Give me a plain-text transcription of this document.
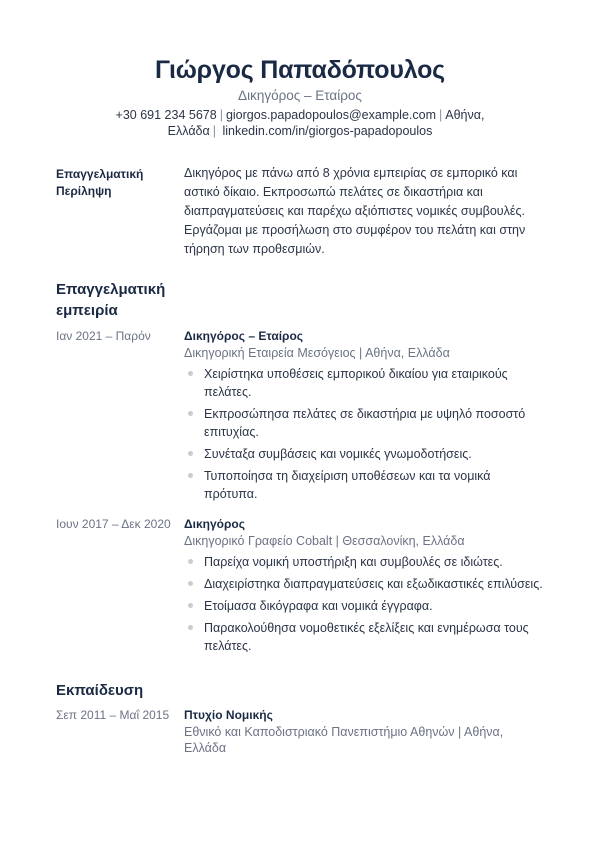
Γιώργος Παπαδόπουλος
Δικηγόρος – Εταίρος
+30 691 234 5678 | giorgos.papadopoulos@example.com | Αθήνα, Ελλάδα | linkedin.com/in/giorgos-papadopoulos
Επαγγελματική Περίληψη
Δικηγόρος με πάνω από 8 χρόνια εμπειρίας σε εμπορικό και αστικό δίκαιο. Εκπροσωπώ πελάτες σε δικαστήρια και διαπραγματεύσεις και παρέχω αξιόπιστες νομικές συμβουλές. Εργάζομαι με προσήλωση στο συμφέρον του πελάτη και στην τήρηση των προθεσμιών.
Επαγγελματική εμπειρία
Ιαν 2021 – Παρόν	Δικηγόρος – Εταίρος
Δικηγορική Εταιρεία Μεσόγειος | Αθήνα, Ελλάδα
Χειρίστηκα υποθέσεις εμπορικού δικαίου για εταιρικούς πελάτες.
Εκπροσώπησα πελάτες σε δικαστήρια με υψηλό ποσοστό επιτυχίας.
Συνέταξα συμβάσεις και νομικές γνωμοδοτήσεις.
Τυποποίησα τη διαχείριση υποθέσεων και τα νομικά πρότυπα.
Ιουν 2017 – Δεκ 2020	Δικηγόρος
Δικηγορικό Γραφείο Cobalt | Θεσσαλονίκη, Ελλάδα
Παρείχα νομική υποστήριξη και συμβουλές σε ιδιώτες.
Διαχειρίστηκα διαπραγματεύσεις και εξωδικαστικές επιλύσεις.
Ετοίμασα δικόγραφα και νομικά έγγραφα.
Παρακολούθησα νομοθετικές εξελίξεις και ενημέρωσα τους πελάτες.
Εκπαίδευση
Σεπ 2011 – Μαΐ 2015	Πτυχίο Νομικής
Εθνικό και Καποδιστριακό Πανεπιστήμιο Αθηνών | Αθήνα, Ελλάδα
